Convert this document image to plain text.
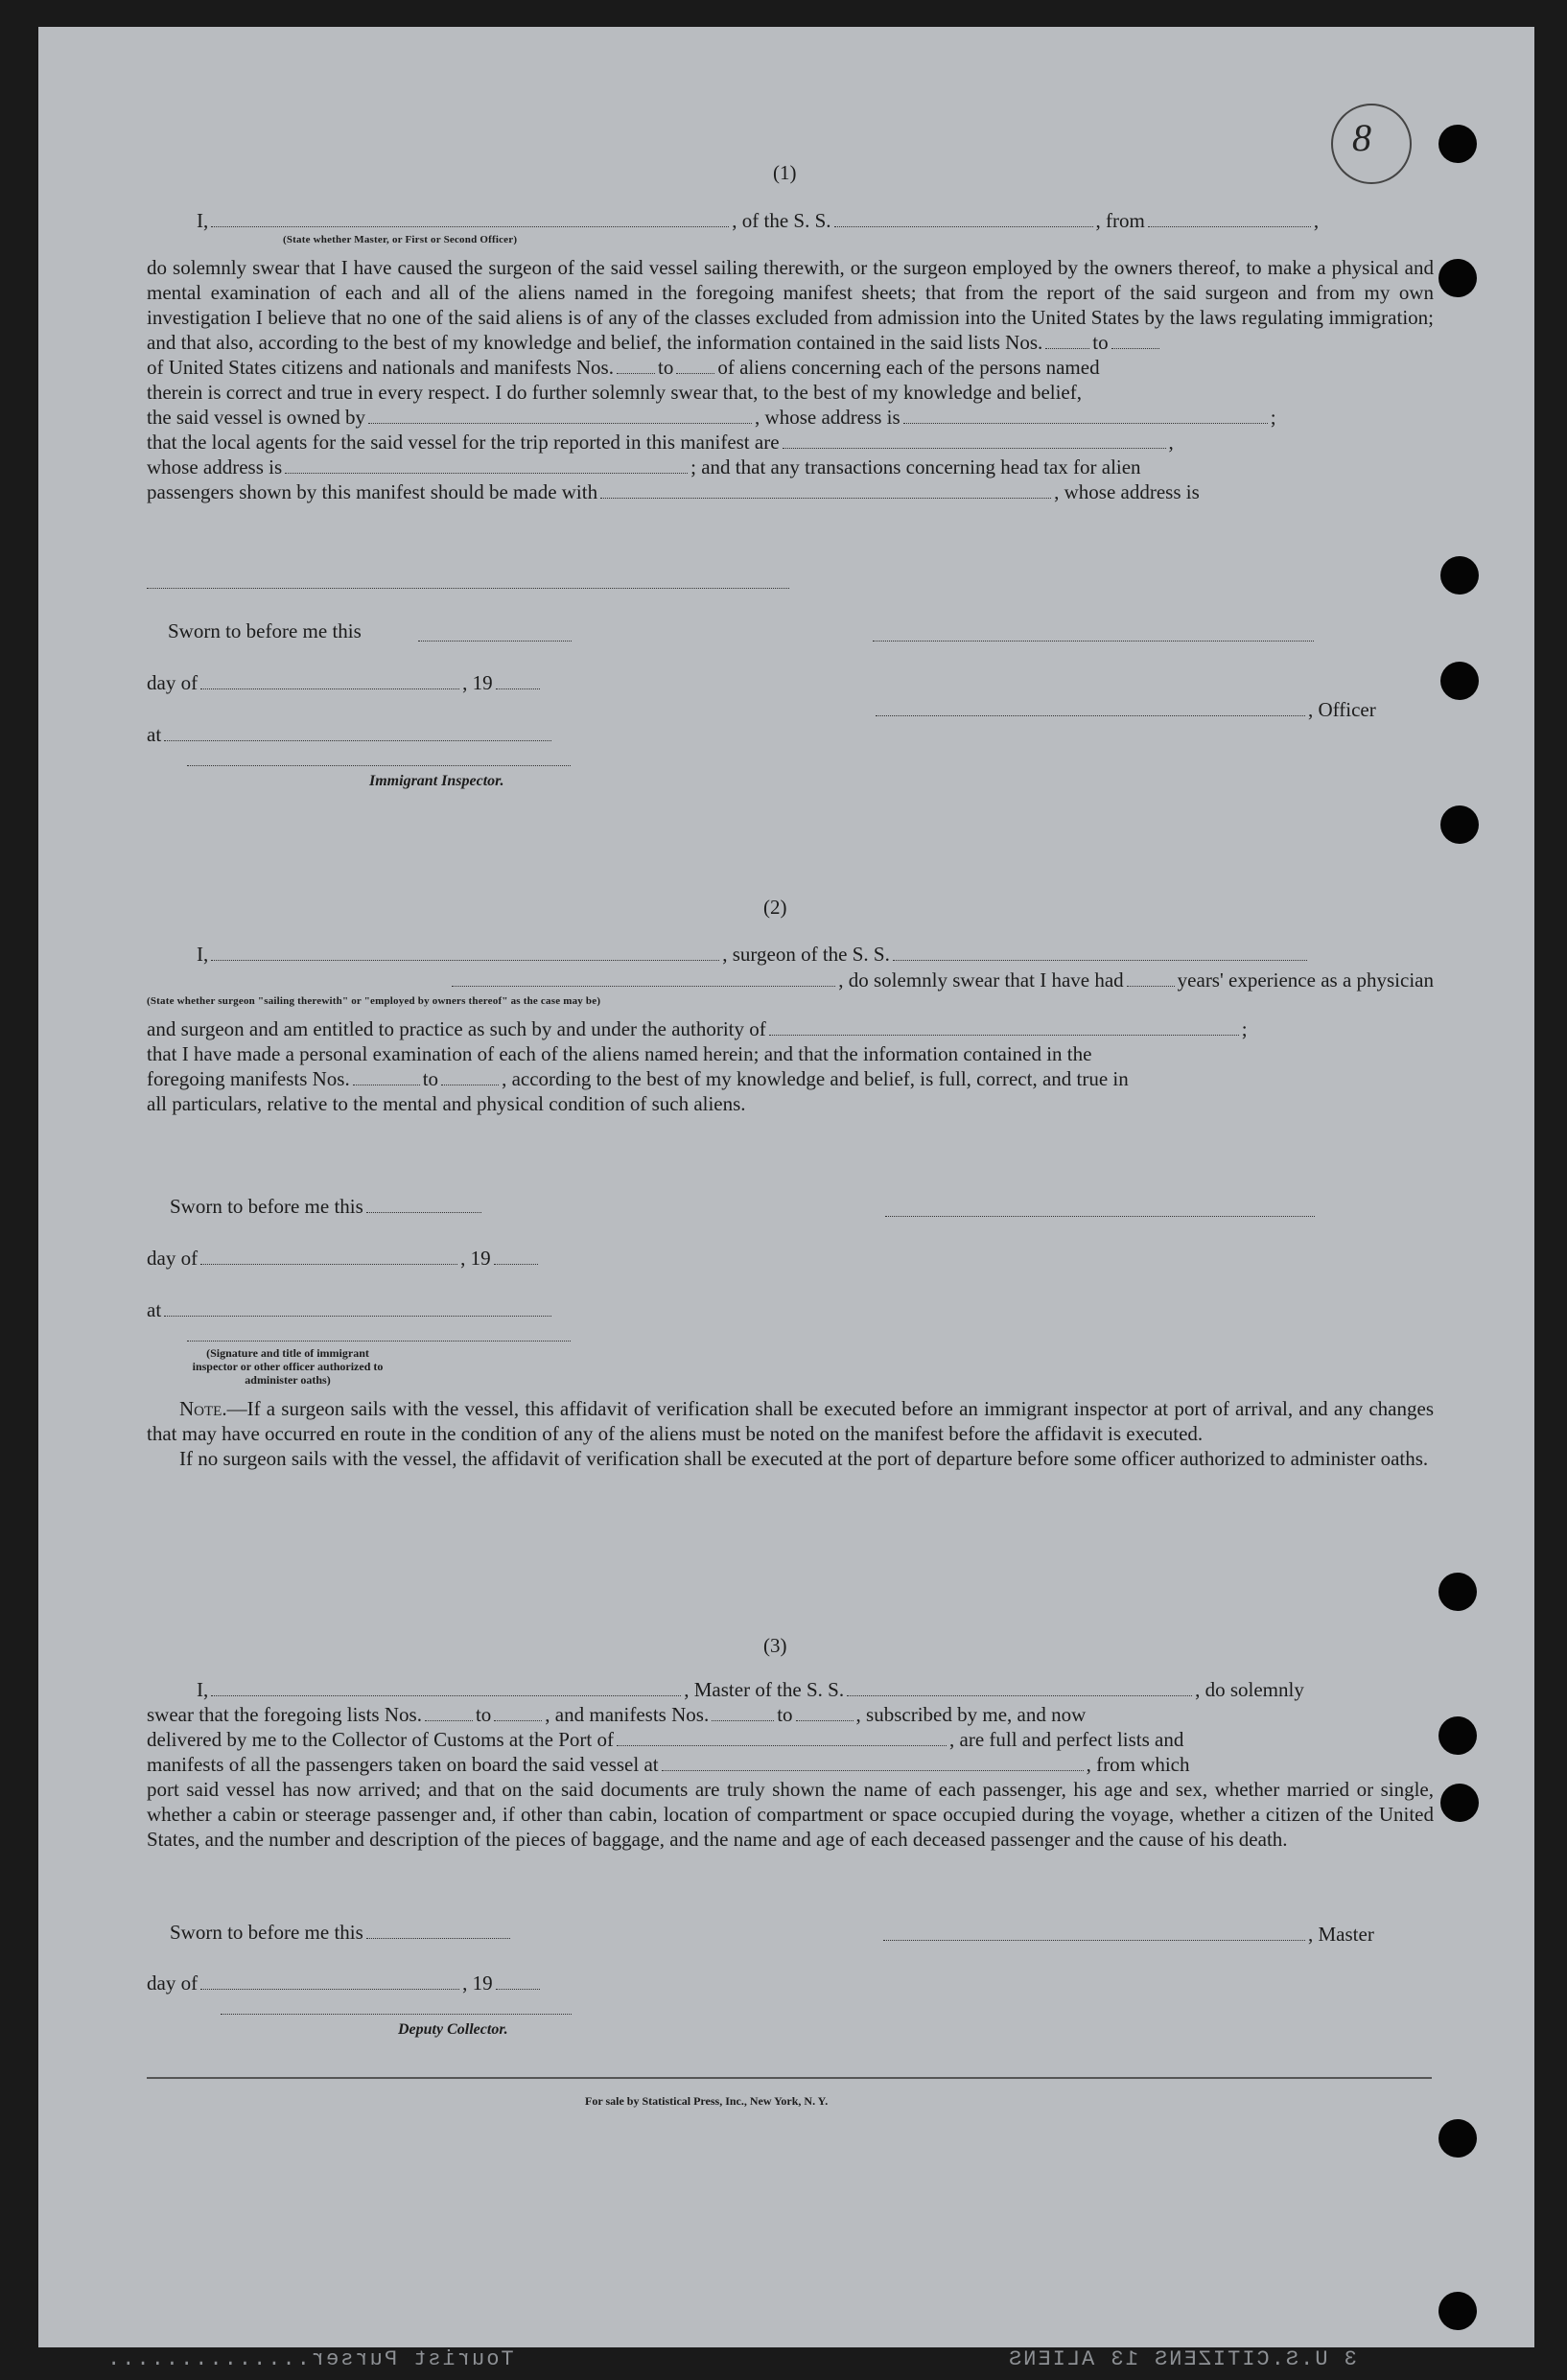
8
(1)
I,	, of the S. S.	, from	,
(State whether Master, or First or Second Officer)
do solemnly swear that I have caused the surgeon of the said vessel sailing therewith, or the surgeon employed by the owners thereof, to make a physical and mental examination of each and all of the aliens named in the foregoing manifest sheets; that from the report of the said surgeon and from my own investigation I believe that no one of the said aliens is of any of the classes excluded from admission into the United States by the laws regulating immigration; and that also, according to the best of my knowledge and belief, the information contained in the said lists Nos. to
of United States citizens and nationals and manifests Nos. to of aliens concerning each of the persons named
therein is correct and true in every respect. I do further solemnly swear that, to the best of my knowledge and belief,
the said vessel is owned by	, whose address is	;
that the local agents for the said vessel for the trip reported in this manifest are	,
whose address is	; and that any transactions concerning head tax for alien
passengers shown by this manifest should be made with	, whose address is
Sworn to before me this
day of	, 19
, Officer
at
Immigrant Inspector.
(2)
I,	, surgeon of the S. S.
, do solemnly swear that I have had	years' experience as a physician
(State whether surgeon "sailing therewith" or "employed by owners thereof" as the case may be)
and surgeon and am entitled to practice as such by and under the authority of	;
that I have made a personal examination of each of the aliens named herein; and that the information contained in the
foregoing manifests Nos.	to	, according to the best of my knowledge and belief, is full, correct, and true in
all particulars, relative to the mental and physical condition of such aliens.
Sworn to before me this
day of	, 19
at
(Signature and title of immigrant inspector or other officer authorized to administer oaths)
Note.—If a surgeon sails with the vessel, this affidavit of verification shall be executed before an immigrant inspector at port of arrival, and any changes that may have occurred en route in the condition of any of the aliens must be noted on the manifest before the affidavit is executed.
If no surgeon sails with the vessel, the affidavit of verification shall be executed at the port of departure before some officer authorized to administer oaths.
(3)
I,	, Master of the S. S.	, do solemnly
swear that the foregoing lists Nos.	to	, and manifests Nos.	to	, subscribed by me, and now
delivered by me to the Collector of Customs at the Port of	, are full and perfect lists and
manifests of all the passengers taken on board the said vessel at	, from which
port said vessel has now arrived; and that on the said documents are truly shown the name of each passenger, his age and sex, whether married or single, whether a cabin or steerage passenger and, if other than cabin, location of compartment or space occupied during the voyage, whether a citizen of the United States, and the number and description of the pieces of baggage, and the name and age of each deceased passenger and the cause of his death.
Sworn to before me this	, Master
day of	, 19
Deputy Collector.
For sale by Statistical Press, Inc., New York, N. Y.
Tourist Purser..............	3 U.S.CITIZENS 13 ALIENS
